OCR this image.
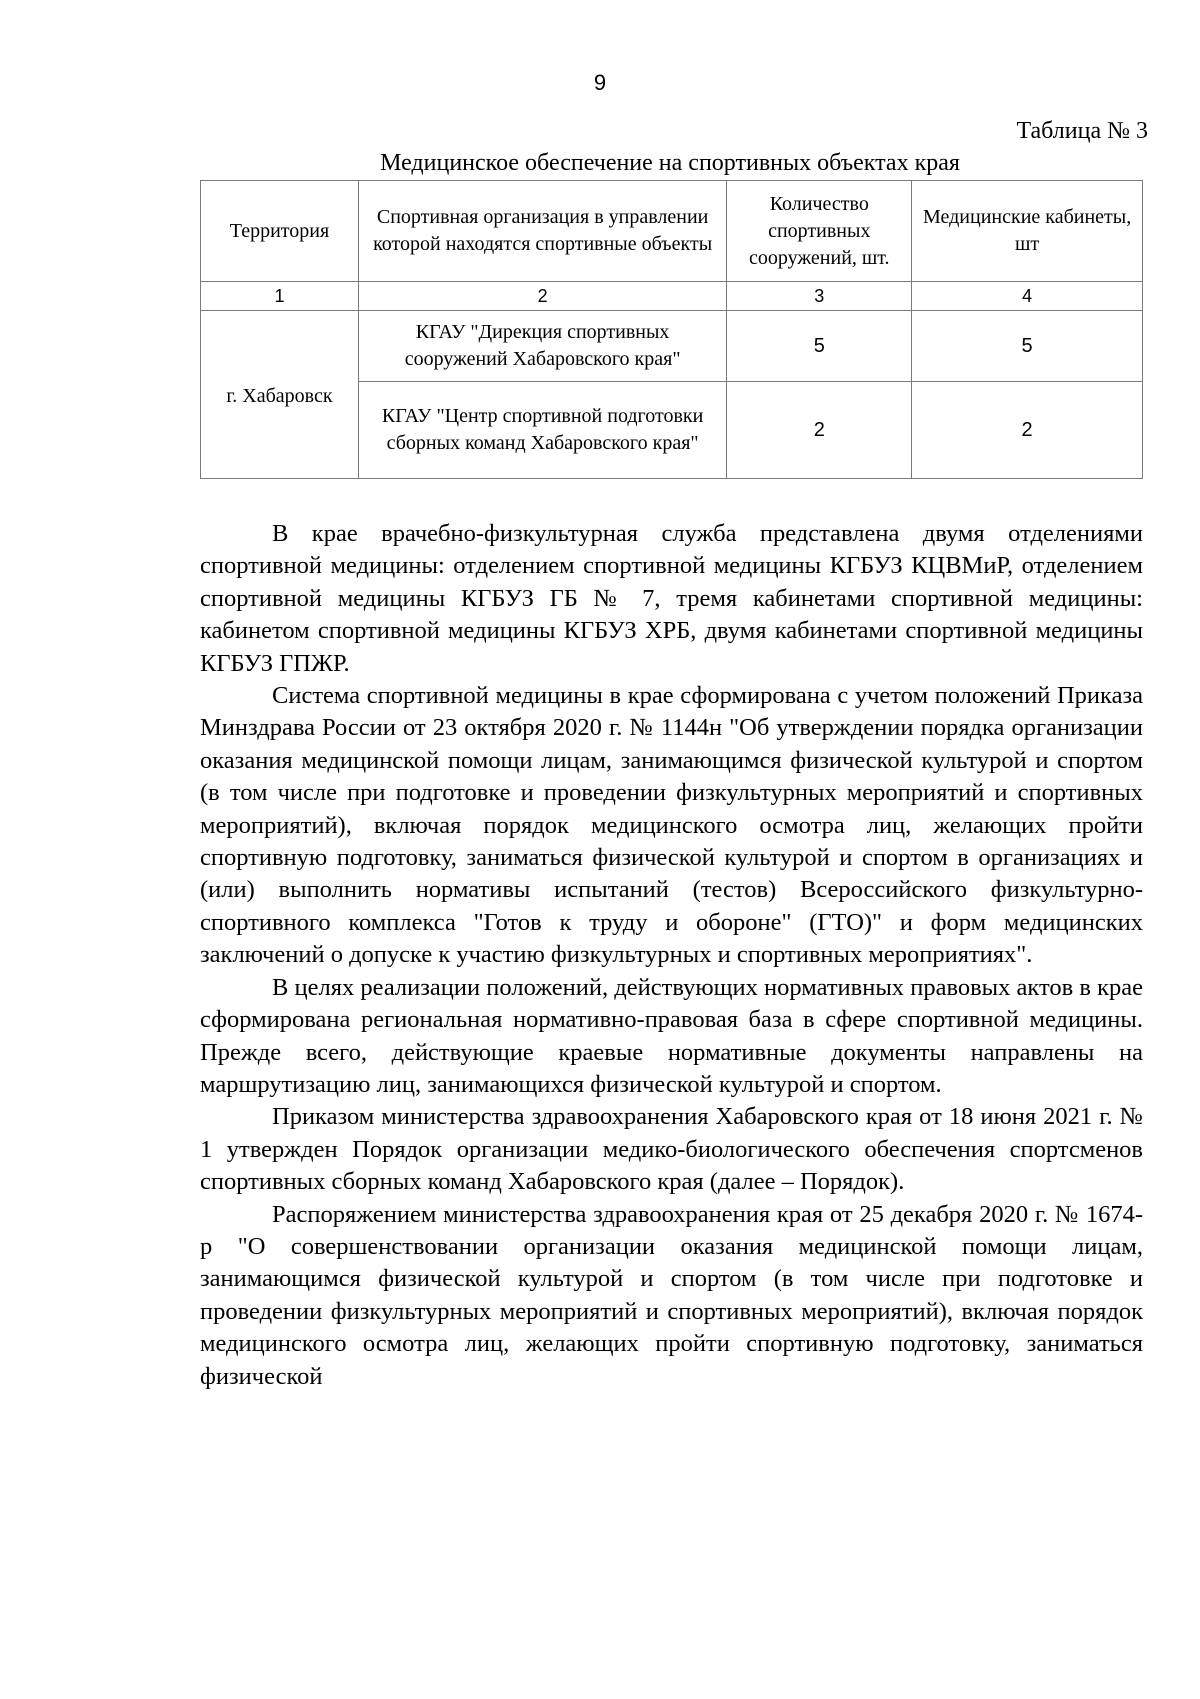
9
Таблица № 3
Медицинское обеспечение на спортивных объектах края
Территория	Спортивная организация в управлении которой находятся спортивные объекты	Количество спортивных сооружений, шт.	Медицинские кабинеты, шт
1	2	3	4
г. Хабаровск	КГАУ "Дирекция спортивных сооружений Хабаровского края"	5	5
	КГАУ "Центр спортивной подготовки сборных команд Хабаровского края"	2	2

В крае врачебно-физкультурная служба представлена двумя отделениями спортивной медицины: отделением спортивной медицины КГБУЗ КЦВМиР, отделением спортивной медицины КГБУЗ ГБ № 7, тремя кабинетами спортивной медицины: кабинетом спортивной медицины КГБУЗ ХРБ, двумя кабинетами спортивной медицины КГБУЗ ГПЖР.

Система спортивной медицины в крае сформирована с учетом положений Приказа Минздрава России от 23 октября 2020 г. № 1144н "Об утверждении порядка организации оказания медицинской помощи лицам, занимающимся физической культурой и спортом (в том числе при подготовке и проведении физкультурных мероприятий и спортивных мероприятий), включая порядок медицинского осмотра лиц, желающих пройти спортивную подготовку, заниматься физической культурой и спортом в организациях и (или) выполнить нормативы испытаний (тестов) Всероссийского физкультурно-спортивного комплекса "Готов к труду и обороне" (ГТО)" и форм медицинских заключений о допуске к участию физкультурных и спортивных мероприятиях".

В целях реализации положений, действующих нормативных правовых актов в крае сформирована региональная нормативно-правовая база в сфере спортивной медицины. Прежде всего, действующие краевые нормативные документы направлены на маршрутизацию лиц, занимающихся физической культурой и спортом.

Приказом министерства здравоохранения Хабаровского края от 18 июня 2021 г. № 1 утвержден Порядок организации медико-биологического обеспечения спортсменов спортивных сборных команд Хабаровского края (далее – Порядок).

Распоряжением министерства здравоохранения края от 25 декабря 2020 г. № 1674-р "О совершенствовании организации оказания медицинской помощи лицам, занимающимся физической культурой и спортом (в том числе при подготовке и проведении физкультурных мероприятий и спортивных мероприятий), включая порядок медицинского осмотра лиц, желающих пройти спортивную подготовку, заниматься физической
